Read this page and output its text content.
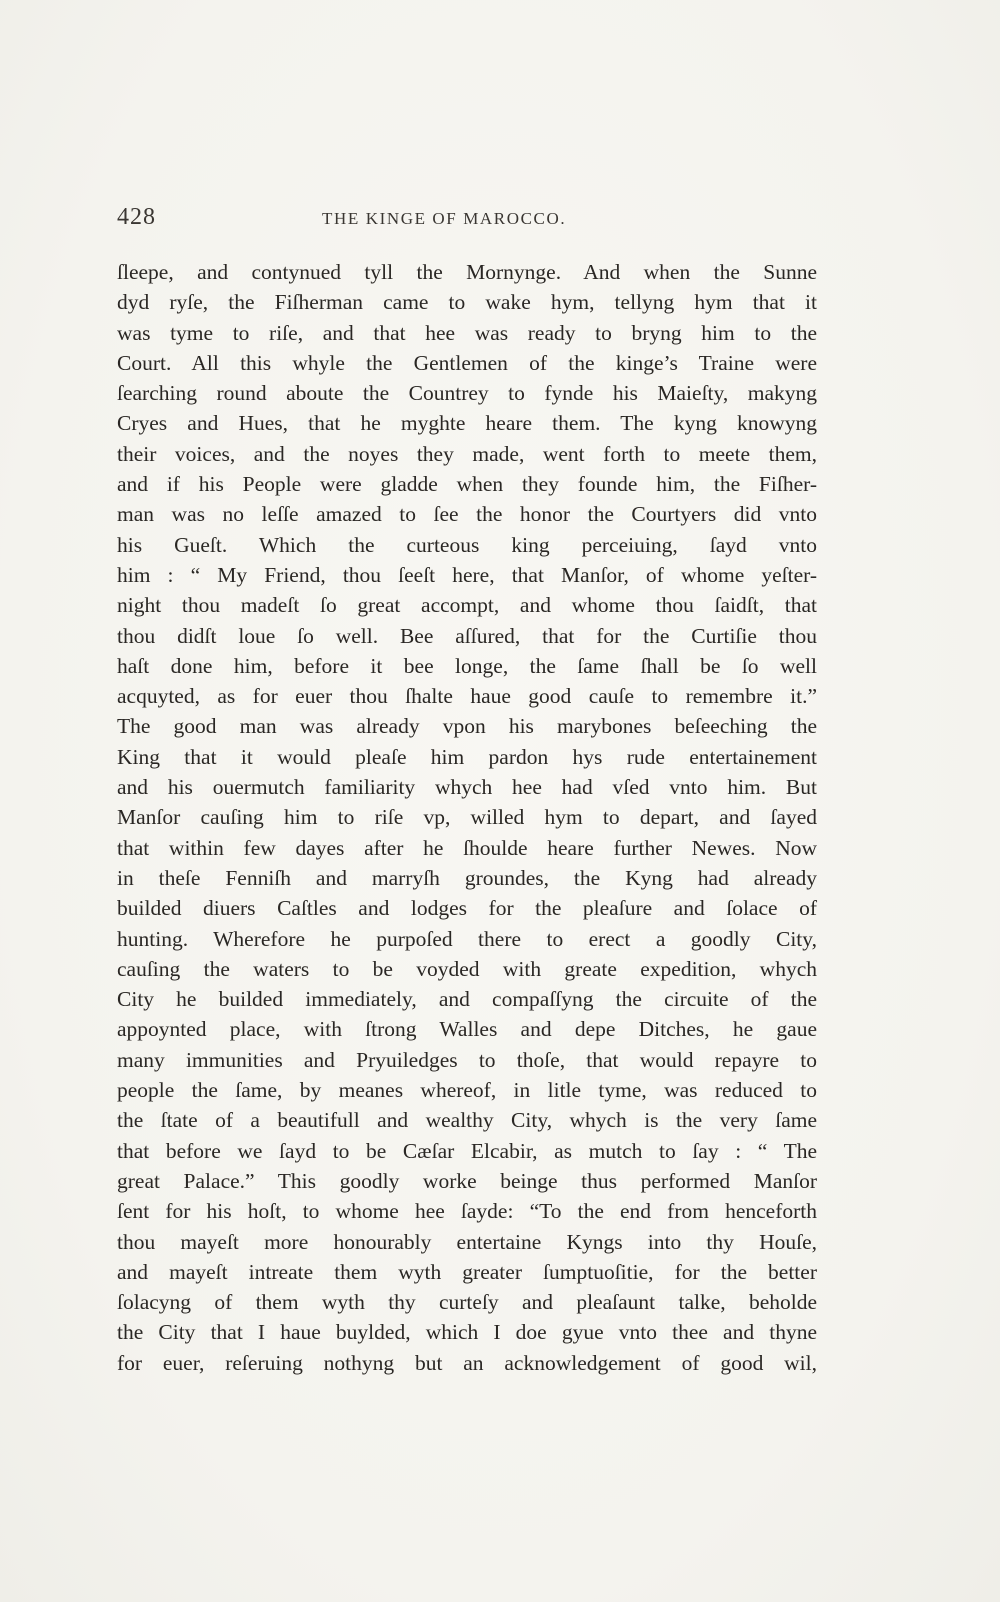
428	THE KINGE OF MAROCCO.
ſleepe, and contynued tyll the Mornynge. And when the Sunne
dyd ryſe, the Fiſherman came to wake hym, tellyng hym that it
was tyme to riſe, and that hee was ready to bryng him to the
Court. All this whyle the Gentlemen of the kinge’s Traine were
ſearching round aboute the Countrey to fynde his Maieſty, makyng
Cryes and Hues, that he myghte heare them. The kyng knowyng
their voices, and the noyes they made, went forth to meete them,
and if his People were gladde when they founde him, the Fiſher-
man was no leſſe amazed to ſee the honor the Courtyers did vnto
his Gueſt. Which the curteous king perceiuing, ſayd vnto
him : “ My Friend, thou ſeeſt here, that Manſor, of whome yeſter-
night thou madeſt ſo great accompt, and whome thou ſaidſt, that
thou didſt loue ſo well. Bee aſſured, that for the Curtiſie thou
haſt done him, before it bee longe, the ſame ſhall be ſo well
acquyted, as for euer thou ſhalte haue good cauſe to remembre it.”
The good man was already vpon his marybones beſeeching the
King that it would pleaſe him pardon hys rude entertainement
and his ouermutch familiarity whych hee had vſed vnto him. But
Manſor cauſing him to riſe vp, willed hym to depart, and ſayed
that within few dayes after he ſhoulde heare further Newes. Now
in theſe Fenniſh and marryſh groundes, the Kyng had already
builded diuers Caſtles and lodges for the pleaſure and ſolace of
hunting. Wherefore he purpoſed there to erect a goodly City,
cauſing the waters to be voyded with greate expedition, whych
City he builded immediately, and compaſſyng the circuite of the
appoynted place, with ſtrong Walles and depe Ditches, he gaue
many immunities and Pryuiledges to thoſe, that would repayre to
people the ſame, by meanes whereof, in litle tyme, was reduced to
the ſtate of a beautifull and wealthy City, whych is the very ſame
that before we ſayd to be Cæſar Elcabir, as mutch to ſay : “ The
great Palace.” This goodly worke beinge thus performed Manſor
ſent for his hoſt, to whome hee ſayde: “To the end from henceforth
thou mayeſt more honourably entertaine Kyngs into thy Houſe,
and mayeſt intreate them wyth greater ſumptuoſitie, for the better
ſolacyng of them wyth thy curteſy and pleaſaunt talke, beholde
the City that I haue buylded, which I doe gyue vnto thee and thyne
for euer, reſeruing nothyng but an acknowledgement of good wil,
